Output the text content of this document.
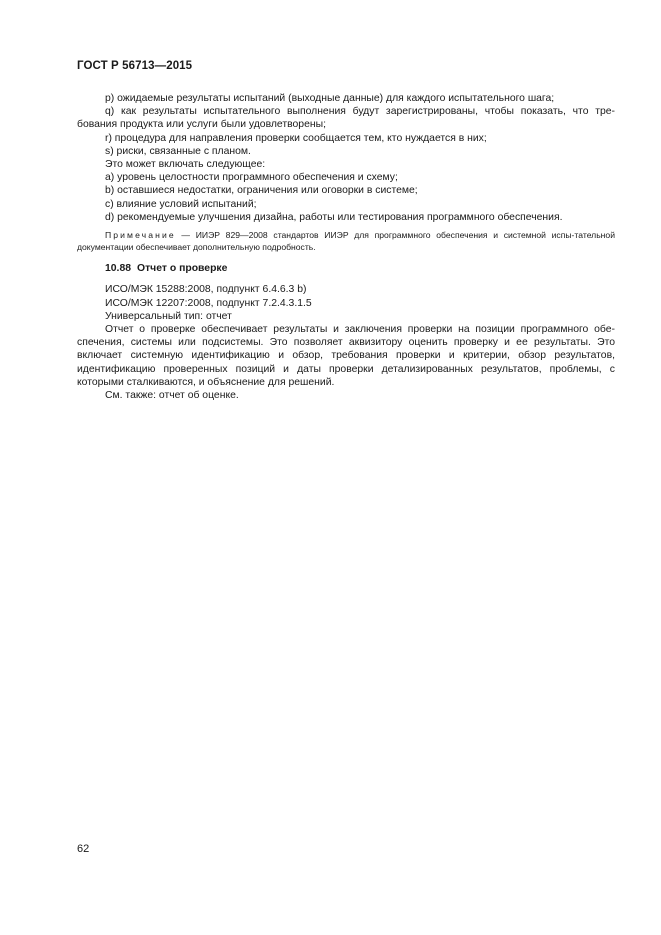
ГОСТ Р 56713—2015

p) ожидаемые результаты испытаний (выходные данные) для каждого испытательного шага;

q) как результаты испытательного выполнения будут зарегистрированы, чтобы показать, что тре-бования продукта или услуги были удовлетворены;

r) процедура для направления проверки сообщается тем, кто нуждается в них;

s) риски, связанные с планом.

Это может включать следующее:

a) уровень целостности программного обеспечения и схему;

b) оставшиеся недостатки, ограничения или оговорки в системе;

c) влияние условий испытаний;

d) рекомендуемые улучшения дизайна, работы или тестирования программного обеспечения.

Примечание — ИИЭР 829—2008 стандартов ИИЭР для программного обеспечения и системной испы-тательной документации обеспечивает дополнительную подробность.

10.88 Отчет о проверке

ИСО/МЭК 15288:2008, подпункт 6.4.6.3 b)

ИСО/МЭК 12207:2008, подпункт 7.2.4.3.1.5

Универсальный тип: отчет

Отчет о проверке обеспечивает результаты и заключения проверки на позиции программного обе-спечения, системы или подсистемы. Это позволяет аквизитору оценить проверку и ее результаты. Это включает системную идентификацию и обзор, требования проверки и критерии, обзор результатов, идентификацию проверенных позиций и даты проверки детализированных результатов, проблемы, с которыми сталкиваются, и объяснение для решений.

См. также: отчет об оценке.

62
